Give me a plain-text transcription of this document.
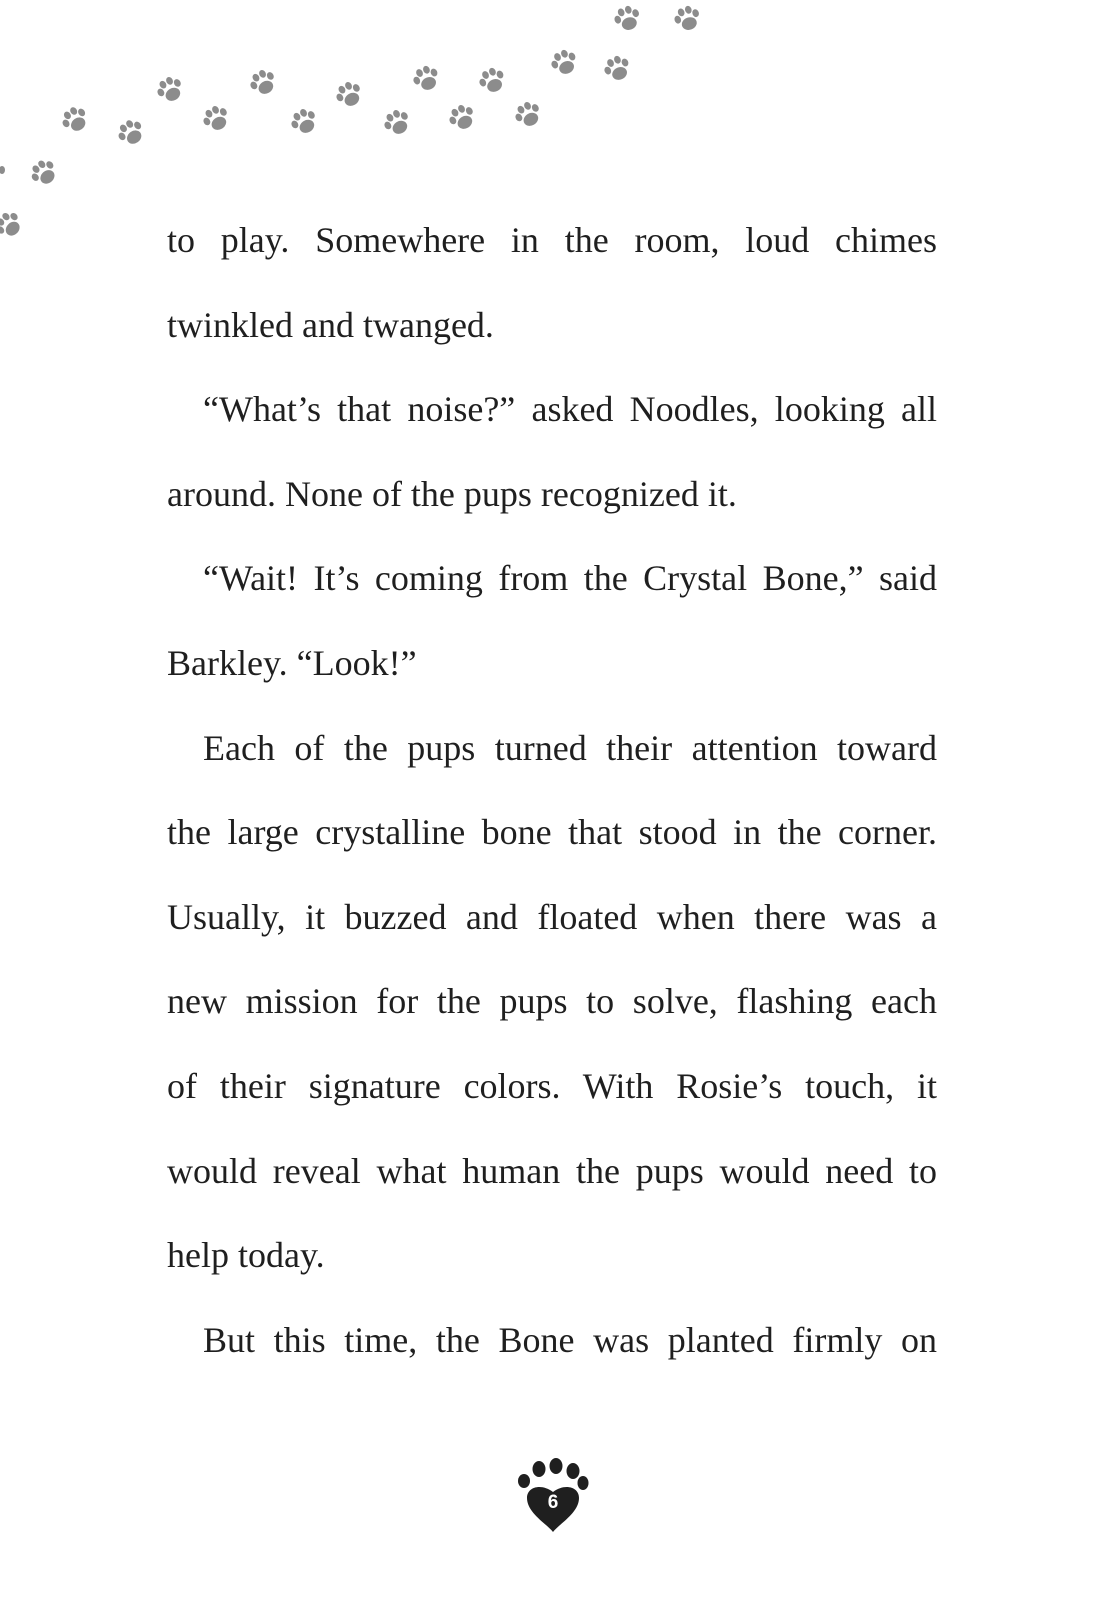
to play. Somewhere in the room, loud chimes
twinkled and twanged.
“What’s that noise?” asked Noodles, looking all
around. None of the pups recognized it.
“Wait! It’s coming from the Crystal Bone,” said
Barkley. “Look!”
Each of the pups turned their attention toward
the large crystalline bone that stood in the corner.
Usually, it buzzed and floated when there was a
new mission for the pups to solve, flashing each
of their signature colors. With Rosie’s touch, it
would reveal what human the pups would need to
help today.
But this time, the Bone was planted firmly on
6
